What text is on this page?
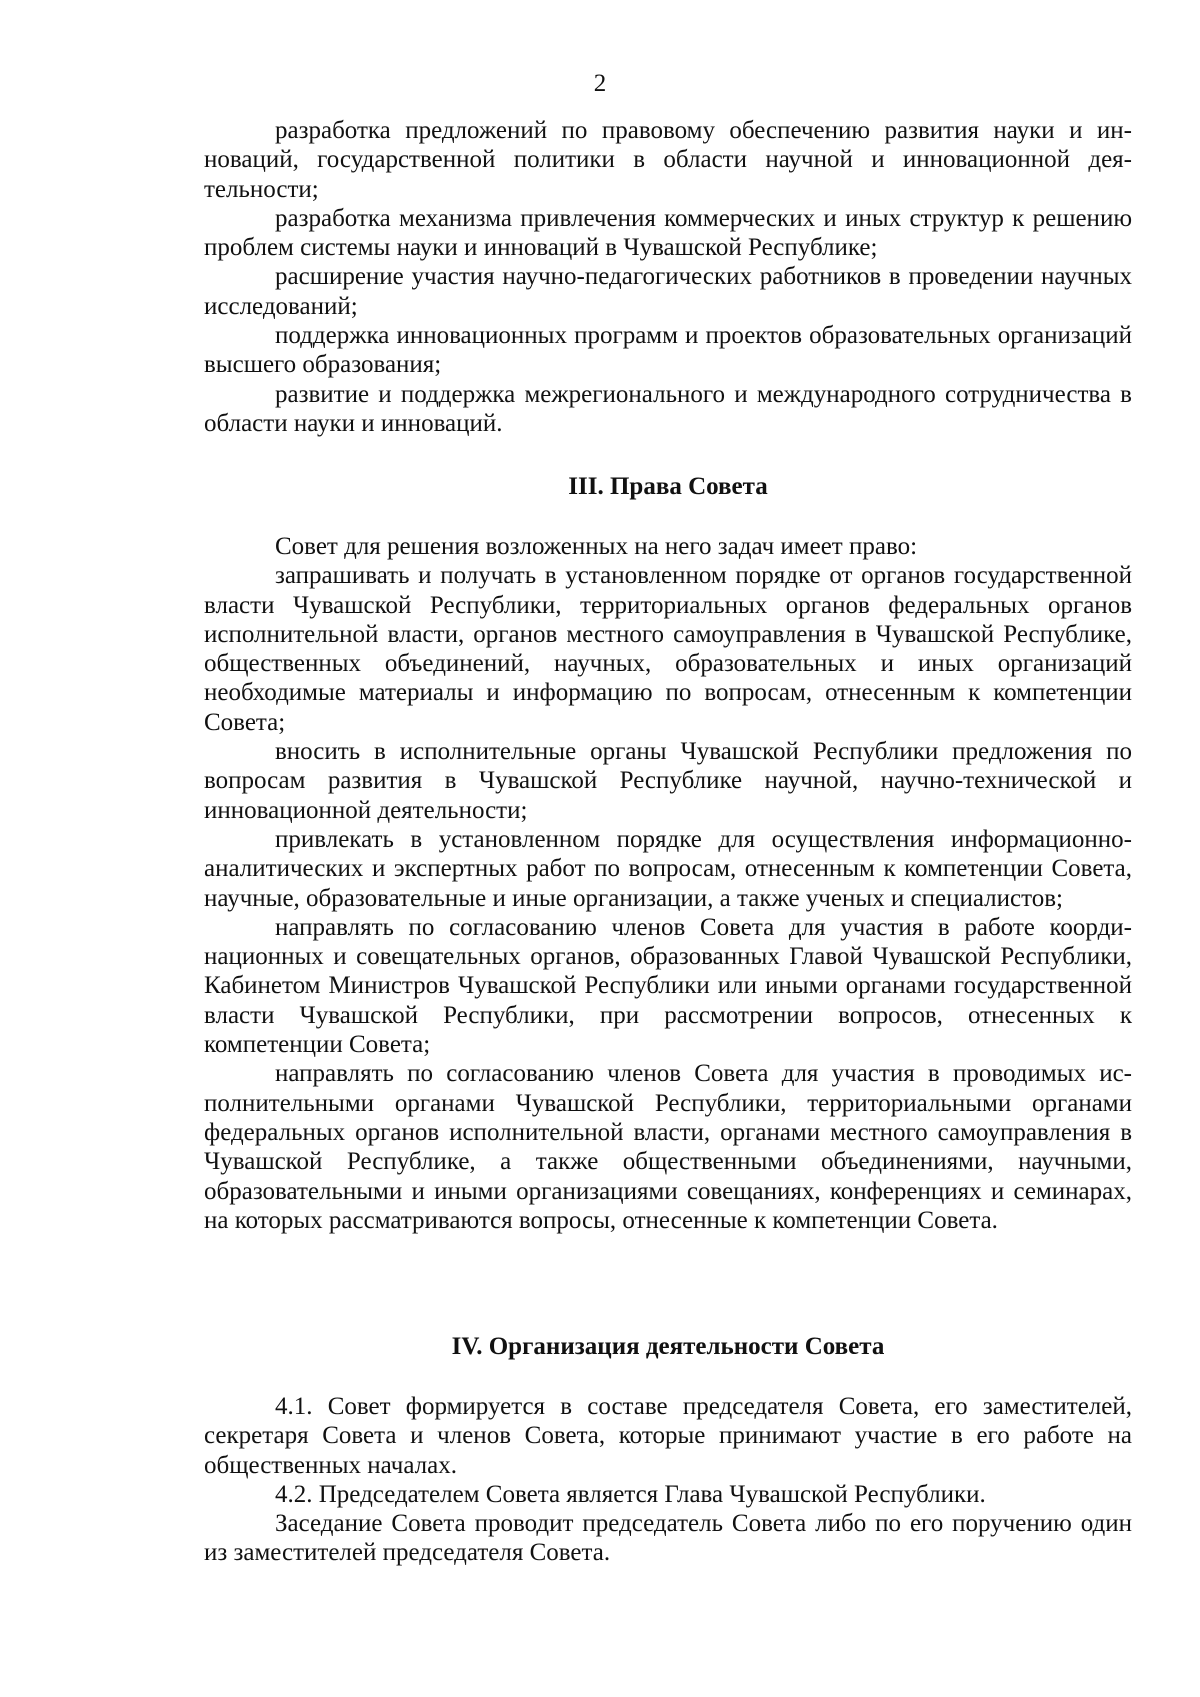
2

разработка предложений по правовому обеспечению развития науки и инноваций, государственной политики в области научной и инновационной деятельности;

разработка механизма привлечения коммерческих и иных структур к решению проблем системы науки и инноваций в Чувашской Республике;

расширение участия научно-педагогических работников в проведении научных исследований;

поддержка инновационных программ и проектов образовательных организаций высшего образования;

развитие и поддержка межрегионального и международного сотрудничества в области науки и инноваций.

III. Права Совета

Совет для решения возложенных на него задач имеет право:

запрашивать и получать в установленном порядке от органов государственной власти Чувашской Республики, территориальных органов федеральных органов исполнительной власти, органов местного самоуправления в Чувашской Республике, общественных объединений, научных, образовательных и иных организаций необходимые материалы и информацию по вопросам, отнесенным к компетенции Совета;

вносить в исполнительные органы Чувашской Республики предложения по вопросам развития в Чувашской Республике научной, научно-технической и инновационной деятельности;

привлекать в установленном порядке для осуществления информационно-аналитических и экспертных работ по вопросам, отнесенным к компетенции Совета, научные, образовательные и иные организации, а также ученых и специалистов;

направлять по согласованию членов Совета для участия в работе координационных и совещательных органов, образованных Главой Чувашской Республики, Кабинетом Министров Чувашской Республики или иными органами государственной власти Чувашской Республики, при рассмотрении вопросов, отнесенных к компетенции Совета;

направлять по согласованию членов Совета для участия в проводимых исполнительными органами Чувашской Республики, территориальными органами федеральных органов исполнительной власти, органами местного самоуправления в Чувашской Республике, а также общественными объединениями, научными, образовательными и иными организациями совещаниях, конференциях и семинарах, на которых рассматриваются вопросы, отнесенные к компетенции Совета.

IV. Организация деятельности Совета

4.1. Совет формируется в составе председателя Совета, его заместителей, секретаря Совета и членов Совета, которые принимают участие в его работе на общественных началах.

4.2. Председателем Совета является Глава Чувашской Республики.

Заседание Совета проводит председатель Совета либо по его поручению один из заместителей председателя Совета.
